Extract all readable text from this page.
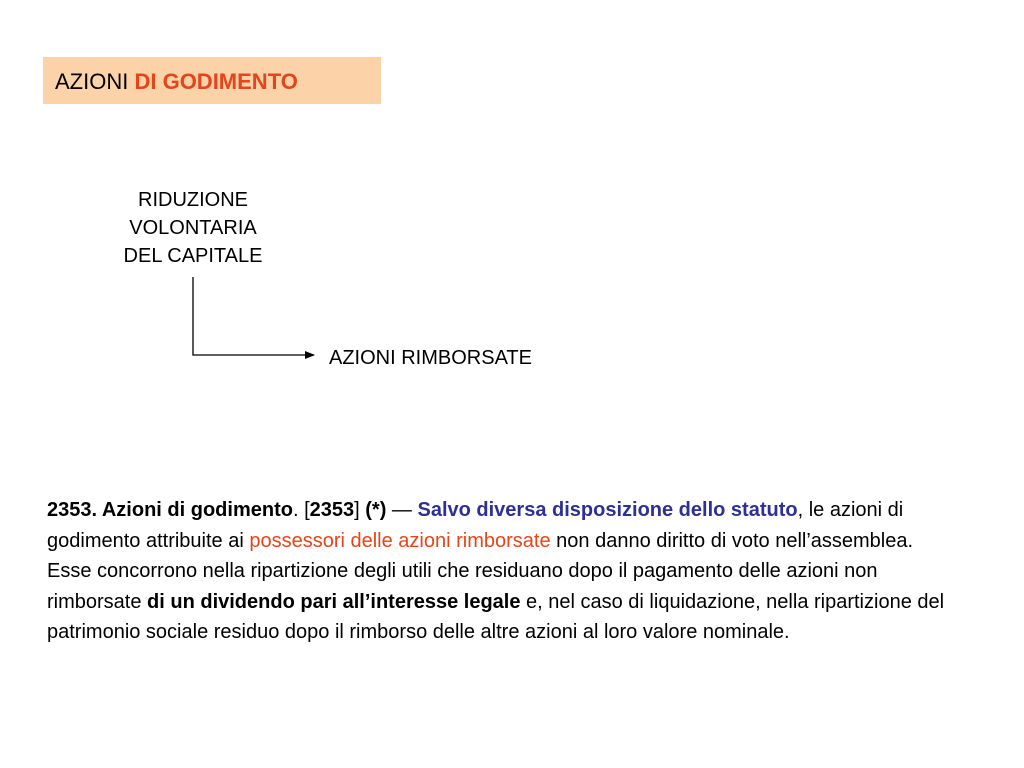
AZIONI DI GODIMENTO
RIDUZIONE
VOLONTARIA
DEL CAPITALE
AZIONI RIMBORSATE
2353. Azioni di godimento. [2353] (*) — Salvo diversa disposizione dello statuto, le azioni di godimento attribuite ai possessori delle azioni rimborsate non danno diritto di voto nell’assemblea. Esse concorrono nella ripartizione degli utili che residuano dopo il pagamento delle azioni non rimborsate di un dividendo pari all’interesse legale e, nel caso di liquidazione, nella ripartizione del patrimonio sociale residuo dopo il rimborso delle altre azioni al loro valore nominale.
